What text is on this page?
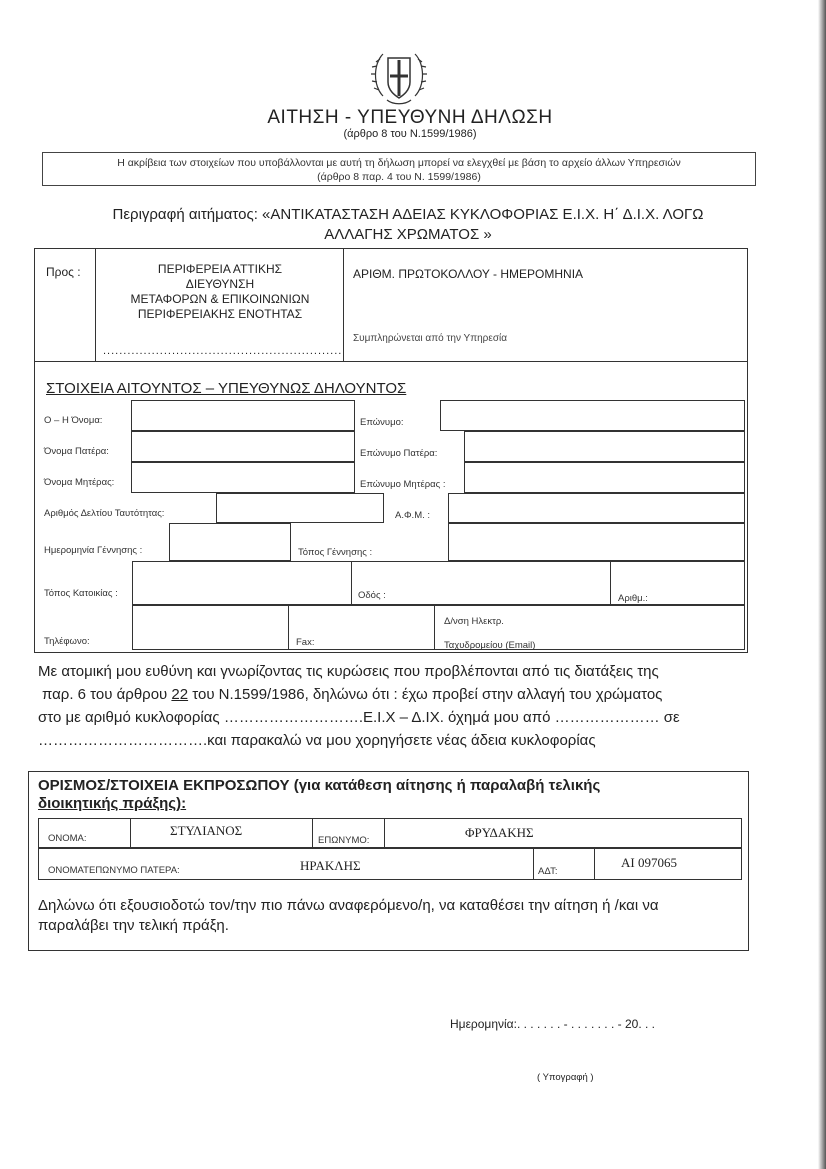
ΑΙΤΗΣΗ - ΥΠΕΥΘΥΝΗ ΔΗΛΩΣΗ
(άρθρο 8 του Ν.1599/1986)
Η ακρίβεια των στοιχείων που υποβάλλονται με αυτή τη δήλωση μπορεί να ελεγχθεί με βάση το αρχείο άλλων Υπηρεσιών
(άρθρο 8 παρ. 4 του Ν. 1599/1986)
Περιγραφή αιτήματος: «ΑΝΤΙΚΑΤΑΣΤΑΣΗ ΑΔΕΙΑΣ ΚΥΚΛΟΦΟΡΙΑΣ Ε.Ι.Χ. Η΄ Δ.Ι.Χ. ΛΟΓΩ
ΑΛΛΑΓΗΣ ΧΡΩΜΑΤΟΣ »
Προς :	ΠΕΡΙΦΕΡΕΙΑ ΑΤΤΙΚΗΣ
ΔΙΕΥΘΥΝΣΗ
ΜΕΤΑΦΟΡΩΝ & ΕΠΙΚΟΙΝΩΝΙΩΝ
ΠΕΡΙΦΕΡΕΙΑΚΗΣ ΕΝΟΤΗΤΑΣ
...........................................................
ΑΡΙΘΜ. ΠΡΩΤΟΚΟΛΛΟΥ - ΗΜΕΡΟΜΗΝΙΑ
Συμπληρώνεται από την Υπηρεσία
ΣΤΟΙΧΕΙΑ ΑΙΤΟΥΝΤΟΣ – ΥΠΕΥΘΥΝΩΣ ΔΗΛΟΥΝΤΟΣ
Ο – Η Όνομα:	Επώνυμο:
Όνομα Πατέρα:	Επώνυμο Πατέρα:
Όνομα Μητέρας:	Επώνυμο Μητέρας :
Αριθμός Δελτίου Ταυτότητας:	Α.Φ.Μ. :
Ημερομηνία Γέννησης :	Τόπος Γέννησης :
Τόπος Κατοικίας :	Οδός :	Αριθμ.:
Τηλέφωνο:	Fax:
Δ/νση Ηλεκτρ.
Ταχυδρομείου (Email)
Με ατομική μου ευθύνη και γνωρίζοντας τις κυρώσεις που προβλέπονται από τις διατάξεις της
παρ. 6 του άρθρου 22 του Ν.1599/1986, δηλώνω ότι : έχω προβεί στην αλλαγή του χρώματος
στο με αριθμό κυκλοφορίας ……………………….Ε.Ι.Χ – Δ.ΙΧ. όχημά μου από ………………… σε
…………………………….και παρακαλώ να μου χορηγήσετε νέας άδεια κυκλοφορίας
ΟΡΙΣΜΟΣ/ΣΤΟΙΧΕΙΑ ΕΚΠΡΟΣΩΠΟΥ (για κατάθεση αίτησης ή παραλαβή τελικής
διοικητικής πράξης):
ΟΝΟΜΑ:
ΣΤΥΛΙΑΝΟΣ
ΕΠΩΝΥΜΟ:
ΦΡΥΔΑΚΗΣ
ΟΝΟΜΑΤΕΠΩΝΥΜΟ ΠΑΤΕΡΑ:	ΗΡΑΚΛΗΣ	ΑΔΤ:
ΑΙ 097065
Δηλώνω ότι εξουσιοδοτώ τον/την πιο πάνω αναφερόμενο/η, να καταθέσει την αίτηση ή /και να
παραλάβει την τελική πράξη.
Ημερομηνία:. . . . . . . - . . . . . . . - 20. . .
( Υπογραφή )
